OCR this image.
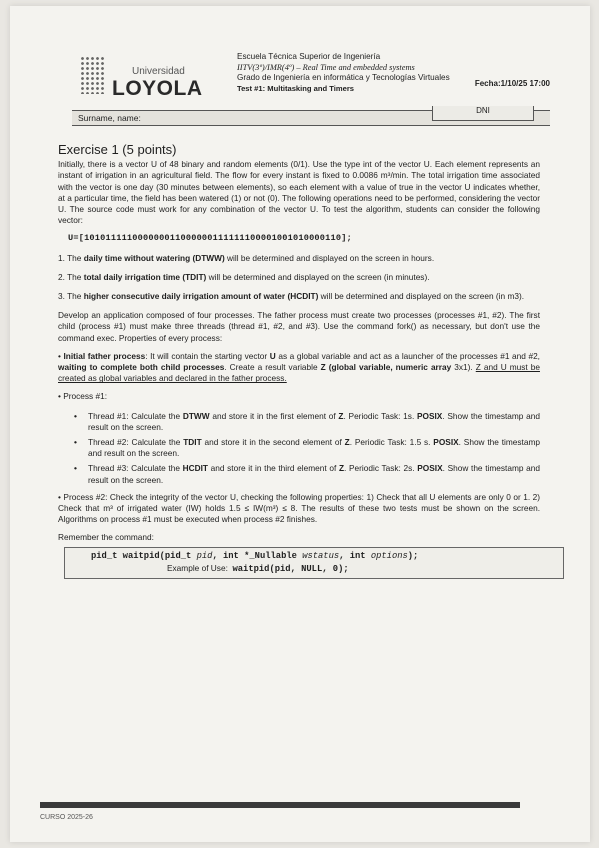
Universidad
LOYOLA
Escuela Técnica Superior de Ingeniería
IITV(3º)/IMR(4º) – Real Time and embedded systems
Grado de Ingeniería en informática y Tecnologías Virtuales
Test #1: Multitasking and Timers
Fecha:1/10/25 17:00
Surname, name:
DNI
Exercise 1 (5 points)

Initially, there is a vector U of 48 binary and random elements (0/1). Use the type int of the vector U. Each element represents an instant of irrigation in an agricultural field. The flow for every instant is fixed to 0.0086 m³/min. The total irrigation time associated with the vector is one day (30 minutes between elements), so each element with a value of true in the vector U indicates whether, at a particular time, the field has been watered (1) or not (0). The following operations need to be performed, considering the vector U. The source code must work for any combination of the vector U. To test the algorithm, students can consider the following vector:

U=[101011111000000011000000111111100001001010000110];
1. The daily time without watering (DTWW) will be determined and displayed on the screen in hours.
2. The total daily irrigation time (TDIT) will be determined and displayed on the screen (in minutes).
3. The higher consecutive daily irrigation amount of water (HCDIT) will be determined and displayed on the screen (in m3).

Develop an application composed of four processes. The father process must create two processes (processes #1, #2). The first child (process #1) must make three threads (thread #1, #2, and #3). Use the command fork() as necessary, but don't use the command exec. Properties of every process:

• Initial father process: It will contain the starting vector U as a global variable and act as a launcher of the processes #1 and #2, waiting to complete both child processes. Create a result variable Z (global variable, numeric array 3x1). Z and U must be created as global variables and declared in the father process.

• Process #1:
• Thread #1: Calculate the DTWW and store it in the first element of Z. Periodic Task: 1s. POSIX. Show the timestamp and result on the screen.
• Thread #2: Calculate the TDIT and store it in the second element of Z. Periodic Task: 1.5 s. POSIX. Show the timestamp and result on the screen.
• Thread #3: Calculate the HCDIT and store it in the third element of Z. Periodic Task: 2s. POSIX. Show the timestamp and result on the screen.

• Process #2: Check the integrity of the vector U, checking the following properties: 1) Check that all U elements are only 0 or 1. 2) Check that m³ of irrigated water (IW) holds 1.5 ≤ IW(m³) ≤ 8. The results of these two tests must be shown on the screen. Algorithms on process #1 must be executed when process #2 finishes.

Remember the command:
pid_t waitpid(pid_t pid, int *_Nullable wstatus, int options);
Example of Use: waitpid(pid, NULL, 0);
CURSO 2025-26
